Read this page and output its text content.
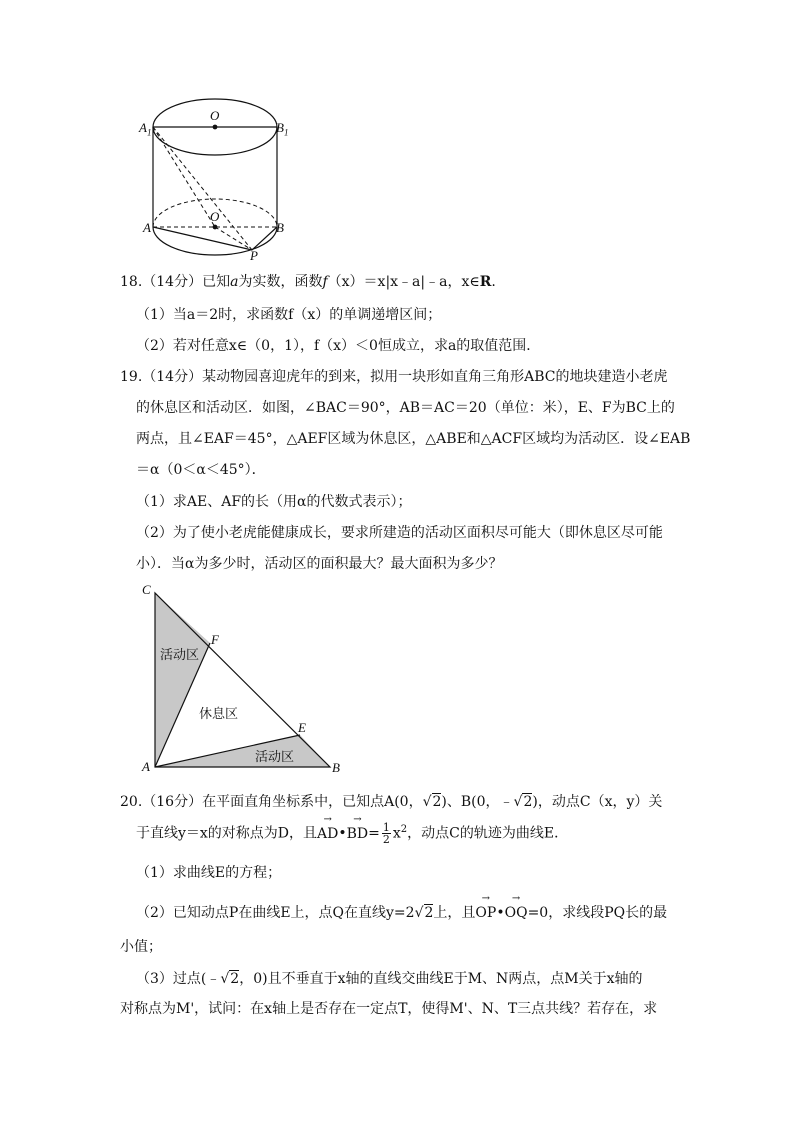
$A_1$	$B_1$
O
O
A	B
P
18.（14分）已知a为实数，函数f（x）＝x|x﹣a|﹣a，x∈R.
（1）当a＝2时，求函数f（x）的单调递增区间；
（2）若对任意x∈（0，1），f（x）＜0恒成立，求a的取值范围．
19.（14分）某动物园喜迎虎年的到来，拟用一块形如直角三角形ABC的地块建造小老虎
的休息区和活动区．如图，∠BAC＝90°，AB＝AC＝20（单位：米），E、F为BC上的
两点，且∠EAF＝45°，△AEF区域为休息区，△ABE和△ACF区域均为活动区．设∠EAB
＝α（0＜α＜45°）．
（1）求AE、AF的长（用α的代数式表示）；
（2）为了使小老虎能健康成长，要求所建造的活动区面积尽可能大（即休息区尽可能
小）．当α为多少时，活动区的面积最大？最大面积为多少？
C
F
E
A	B
活动区
休息区
活动区
20.（16分）在平面直角坐标系中，已知点A(0，√2)、B(0，﹣√2)，动点C（x，y）关
于直线y＝x的对称点为D，且→ AD•→ $BD= \frac{1}{2} x^2$，动点C的轨迹为曲线E．
（1）求曲线E的方程；
（2）已知动点P在曲线E上，点Q在直线y=2√2上，且→ OP•→ OQ=0，求线段PQ长的最
小值；
（3）过点(﹣√2，0)且不垂直于x轴的直线交曲线E于M、N两点，点M关于x轴的
对称点为M'，试问：在x轴上是否存在一定点T，使得M'、N、T三点共线？若存在，求
